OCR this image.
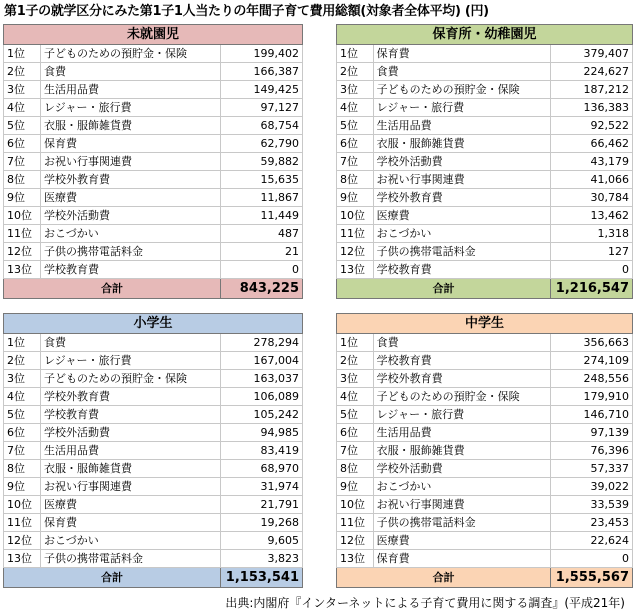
第1子の就学区分にみた第1子1人当たりの年間子育て費用総額(対象者全体平均) (円)
未就園児		
1位	子どものための預貯金・保険	199,402
2位	食費	166,387
3位	生活用品費	149,425
4位	レジャー・旅行費	97,127
5位	衣服・服飾雑貨費	68,754
6位	保育費	62,790
7位	お祝い行事関連費	59,882
8位	学校外教育費	15,635
9位	医療費	11,867
10位	学校外活動費	11,449
11位	おこづかい	487
12位	子供の携帯電話料金	21
13位	学校教育費	0
合計		843,225
保育所・幼稚園児		
1位	保育費	379,407
2位	食費	224,627
3位	子どものための預貯金・保険	187,212
4位	レジャー・旅行費	136,383
5位	生活用品費	92,522
6位	衣服・服飾雑貨費	66,462
7位	学校外活動費	43,179
8位	お祝い行事関連費	41,066
9位	学校外教育費	30,784
10位	医療費	13,462
11位	おこづかい	1,318
12位	子供の携帯電話料金	127
13位	学校教育費	0
合計		1,216,547
小学生		
1位	食費	278,294
2位	レジャー・旅行費	167,004
3位	子どものための預貯金・保険	163,037
4位	学校外教育費	106,089
5位	学校教育費	105,242
6位	学校外活動費	94,985
7位	生活用品費	83,419
8位	衣服・服飾雑貨費	68,970
9位	お祝い行事関連費	31,974
10位	医療費	21,791
11位	保育費	19,268
12位	おこづかい	9,605
13位	子供の携帯電話料金	3,823
合計		1,153,541
中学生		
1位	食費	356,663
2位	学校教育費	274,109
3位	学校外教育費	248,556
4位	子どものための預貯金・保険	179,910
5位	レジャー・旅行費	146,710
6位	生活用品費	97,139
7位	衣服・服飾雑貨費	76,396
8位	学校外活動費	57,337
9位	おこづかい	39,022
10位	お祝い行事関連費	33,539
11位	子供の携帯電話料金	23,453
12位	医療費	22,624
13位	保育費	0
合計		1,555,567
出典:内閣府『インターネットによる子育て費用に関する調査』(平成21年)
